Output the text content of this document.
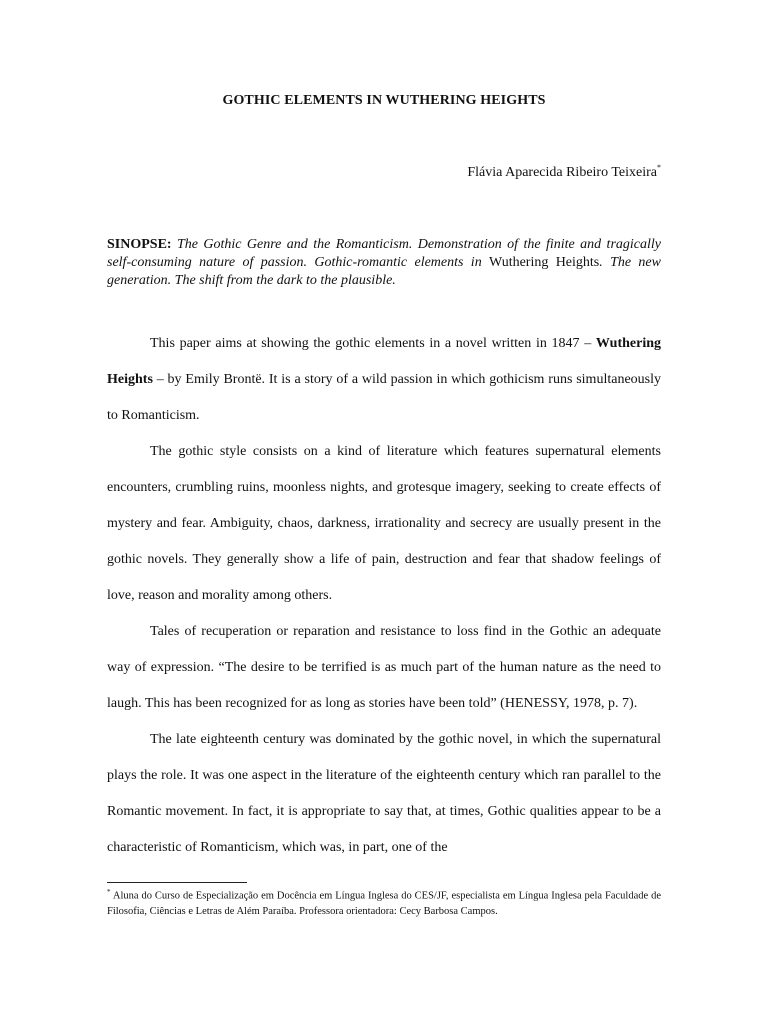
GOTHIC ELEMENTS IN WUTHERING HEIGHTS
Flávia Aparecida Ribeiro Teixeira*
SINOPSE: The Gothic Genre and the Romanticism. Demonstration of the finite and tragically self-consuming nature of passion. Gothic-romantic elements in Wuthering Heights. The new generation. The shift from the dark to the plausible.

This paper aims at showing the gothic elements in a novel written in 1847 – Wuthering Heights – by Emily Brontë. It is a story of a wild passion in which gothicism runs simultaneously to Romanticism.

The gothic style consists on a kind of literature which features supernatural elements encounters, crumbling ruins, moonless nights, and grotesque imagery, seeking to create effects of mystery and fear. Ambiguity, chaos, darkness, irrationality and secrecy are usually present in the gothic novels. They generally show a life of pain, destruction and fear that shadow feelings of love, reason and morality among others.

Tales of recuperation or reparation and resistance to loss find in the Gothic an adequate way of expression. “The desire to be terrified is as much part of the human nature as the need to laugh. This has been recognized for as long as stories have been told” (HENESSY, 1978, p. 7).

The late eighteenth century was dominated by the gothic novel, in which the supernatural plays the role. It was one aspect in the literature of the eighteenth century which ran parallel to the Romantic movement. In fact, it is appropriate to say that, at times, Gothic qualities appear to be a characteristic of Romanticism, which was, in part, one of the

* Aluna do Curso de Especialização em Docência em Língua Inglesa do CES/JF, especialista em Língua Inglesa pela Faculdade de Filosofia, Ciências e Letras de Além Paraíba. Professora orientadora: Cecy Barbosa Campos.
